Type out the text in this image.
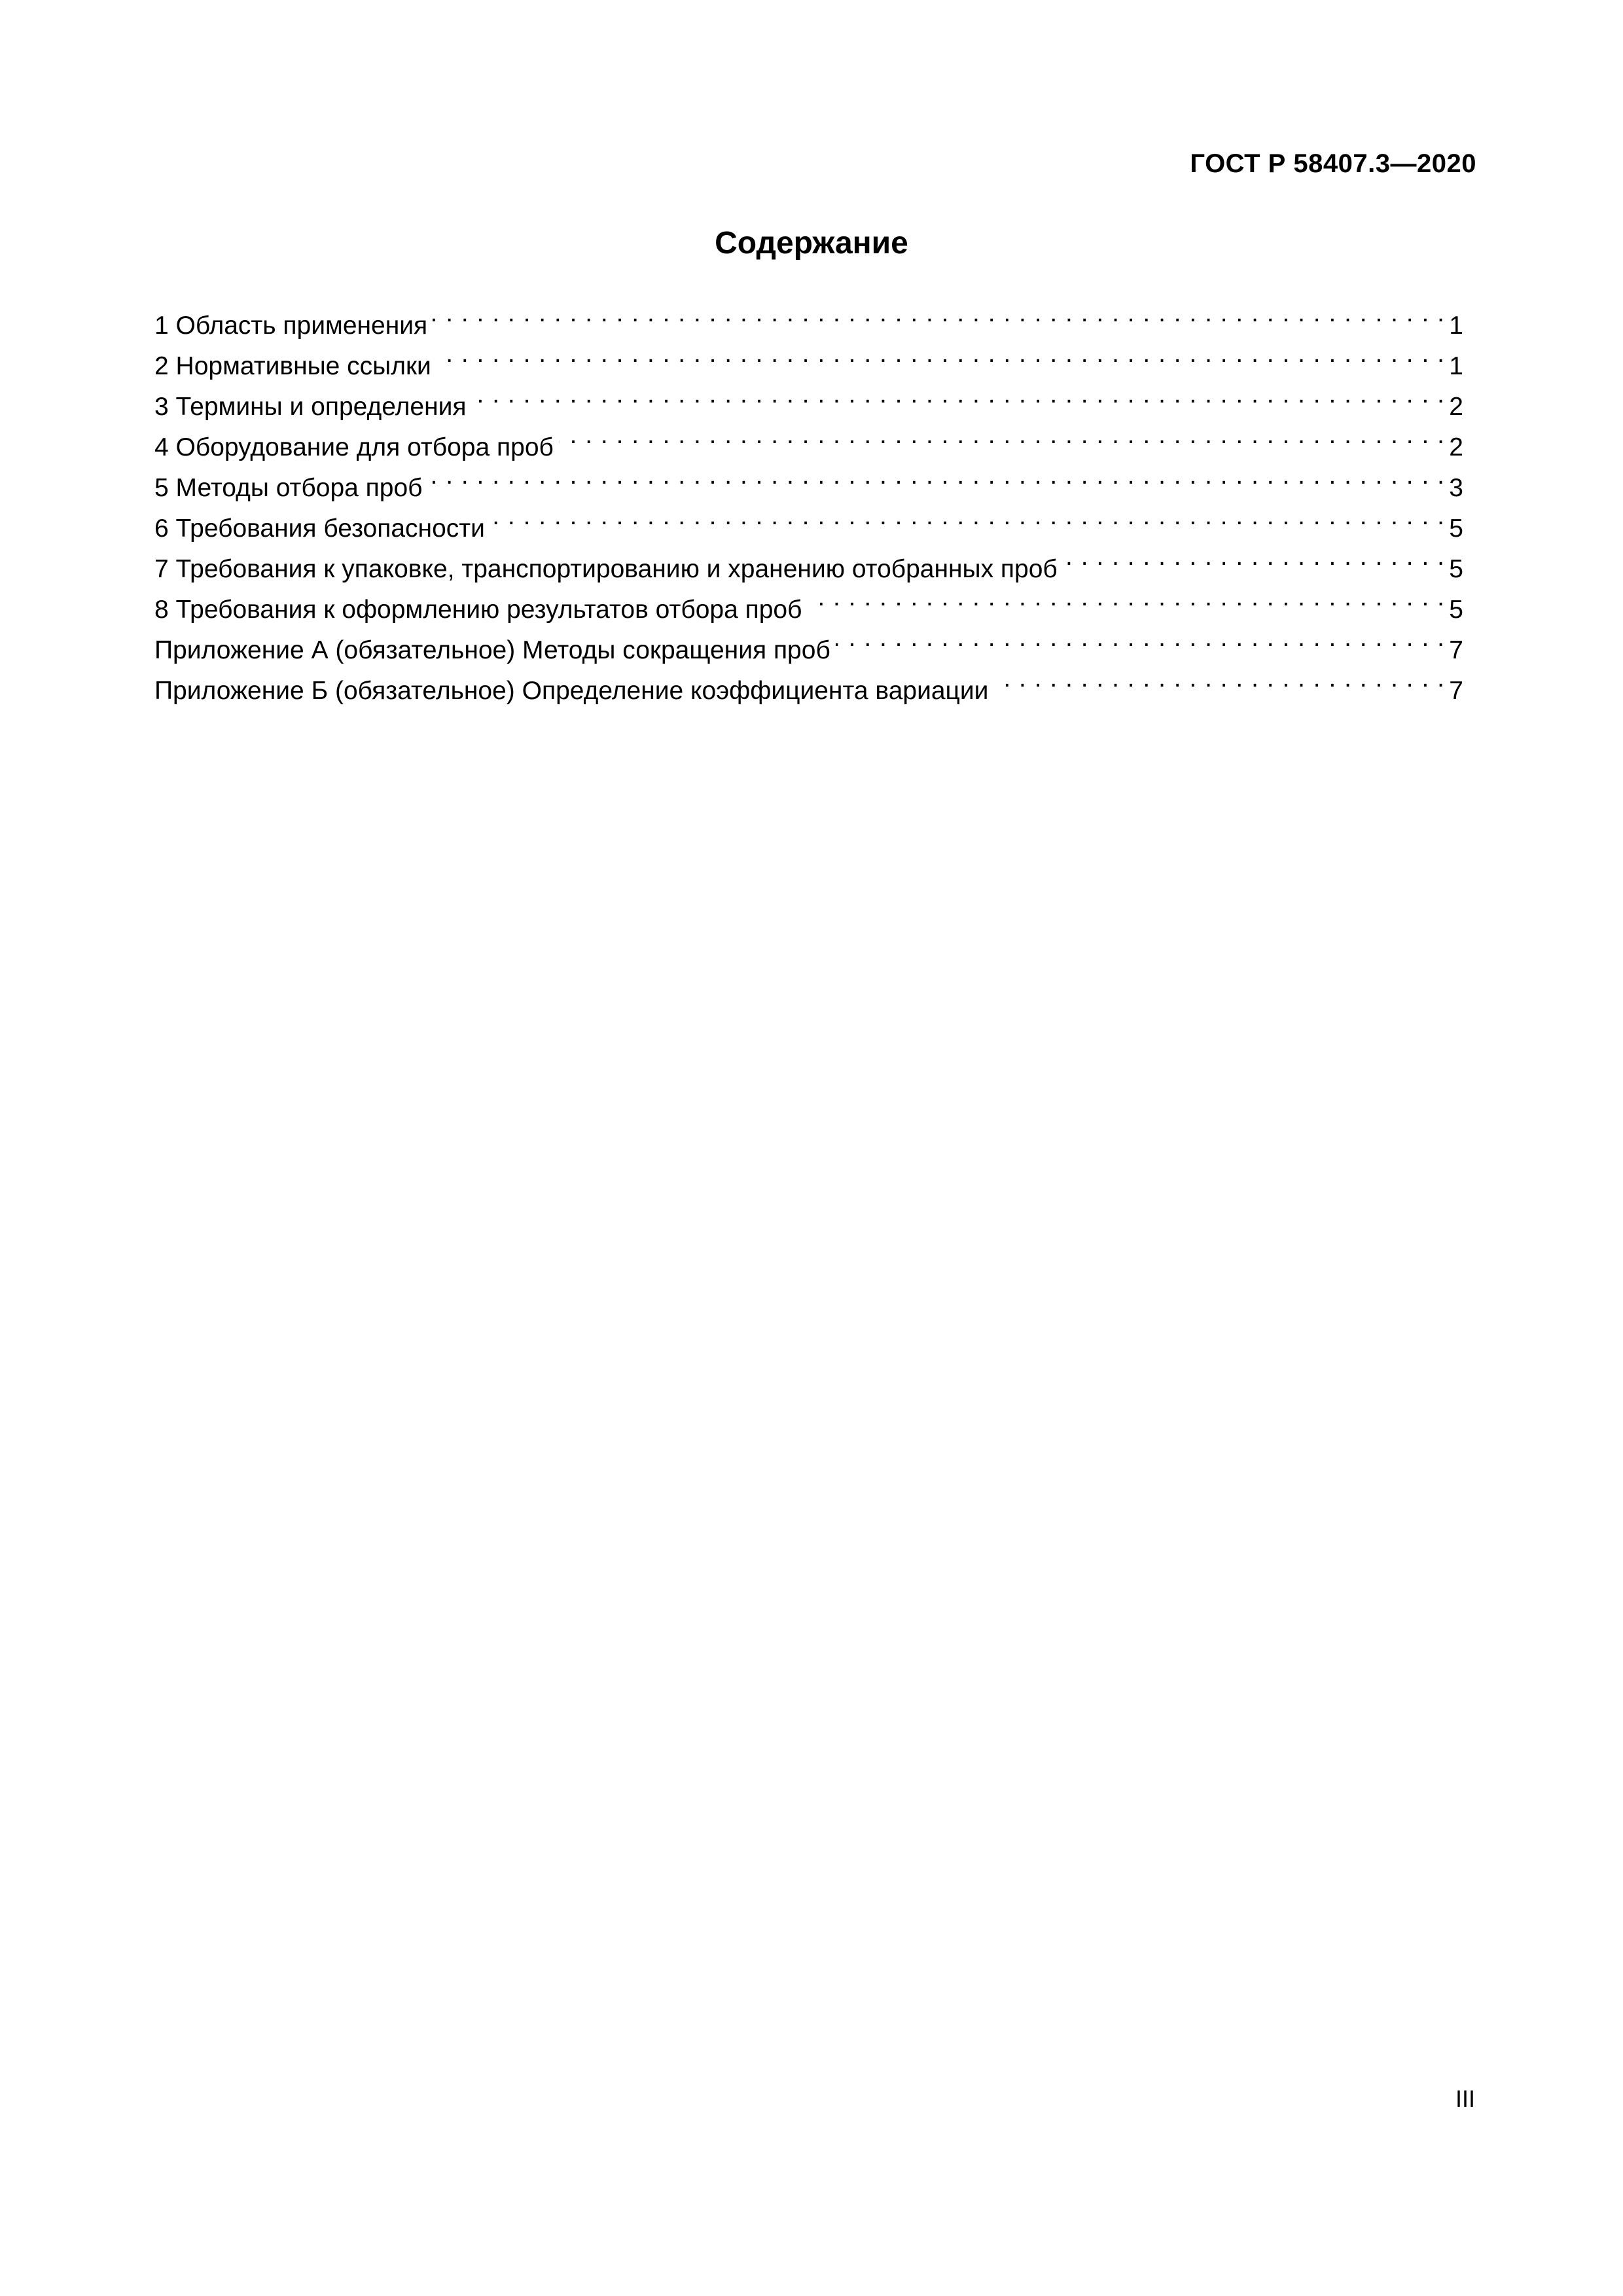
ГОСТ Р 58407.3—2020
Содержание
1 Область применения . . .	1
2 Нормативные ссылки . . .	1
3 Термины и определения . . .	2
4 Оборудование для отбора проб . . .	2
5 Методы отбора проб . . .	3
6 Требования безопасности . . .	5
7 Требования к упаковке, транспортированию и хранению отобранных проб . . .	5
8 Требования к оформлению результатов отбора проб . . .	5
Приложение А (обязательное) Методы сокращения проб . . .	7
Приложение Б (обязательное) Определение коэффициента вариации . . .	7
III
